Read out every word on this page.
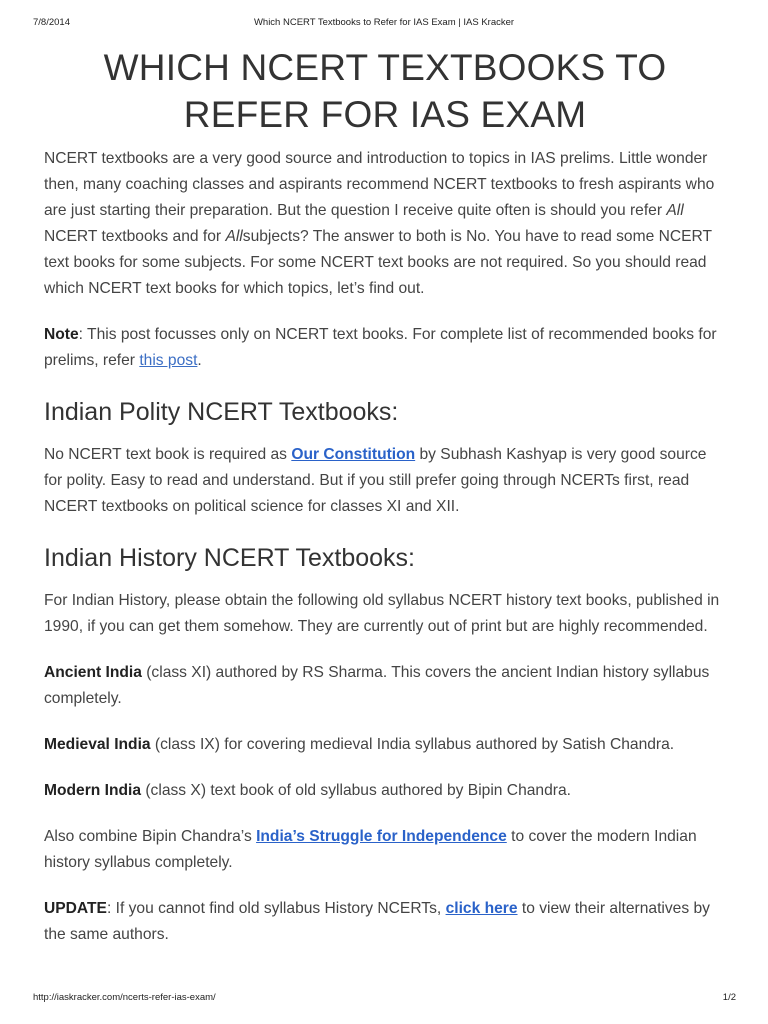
7/8/2014	Which NCERT Textbooks to Refer for IAS Exam | IAS Kracker
WHICH NCERT TEXTBOOKS TO
REFER FOR IAS EXAM

NCERT textbooks are a very good source and introduction to topics in IAS prelims. Little wonder then, many coaching classes and aspirants recommend NCERT textbooks to fresh aspirants who are just starting their preparation. But the question I receive quite often is should you refer All NCERT textbooks and for Allsubjects? The answer to both is No. You have to read some NCERT text books for some subjects. For some NCERT text books are not required. So you should read which NCERT text books for which topics, let’s find out.

Note: This post focusses only on NCERT text books. For complete list of recommended books for prelims, refer this post.

Indian Polity NCERT Textbooks:

No NCERT text book is required as Our Constitution by Subhash Kashyap is very good source for polity. Easy to read and understand. But if you still prefer going through NCERTs first, read NCERT textbooks on political science for classes XI and XII.

Indian History NCERT Textbooks:

For Indian History, please obtain the following old syllabus NCERT history text books, published in 1990, if you can get them somehow. They are currently out of print but are highly recommended.

Ancient India (class XI) authored by RS Sharma. This covers the ancient Indian history syllabus completely.

Medieval India (class IX) for covering medieval India syllabus authored by Satish Chandra.

Modern India (class X) text book of old syllabus authored by Bipin Chandra.

Also combine Bipin Chandra’s India’s Struggle for Independence to cover the modern Indian history syllabus completely.

UPDATE: If you cannot find old syllabus History NCERTs, click here to view their alternatives by the same authors.

http://iaskracker.com/ncerts-refer-ias-exam/	1/2
